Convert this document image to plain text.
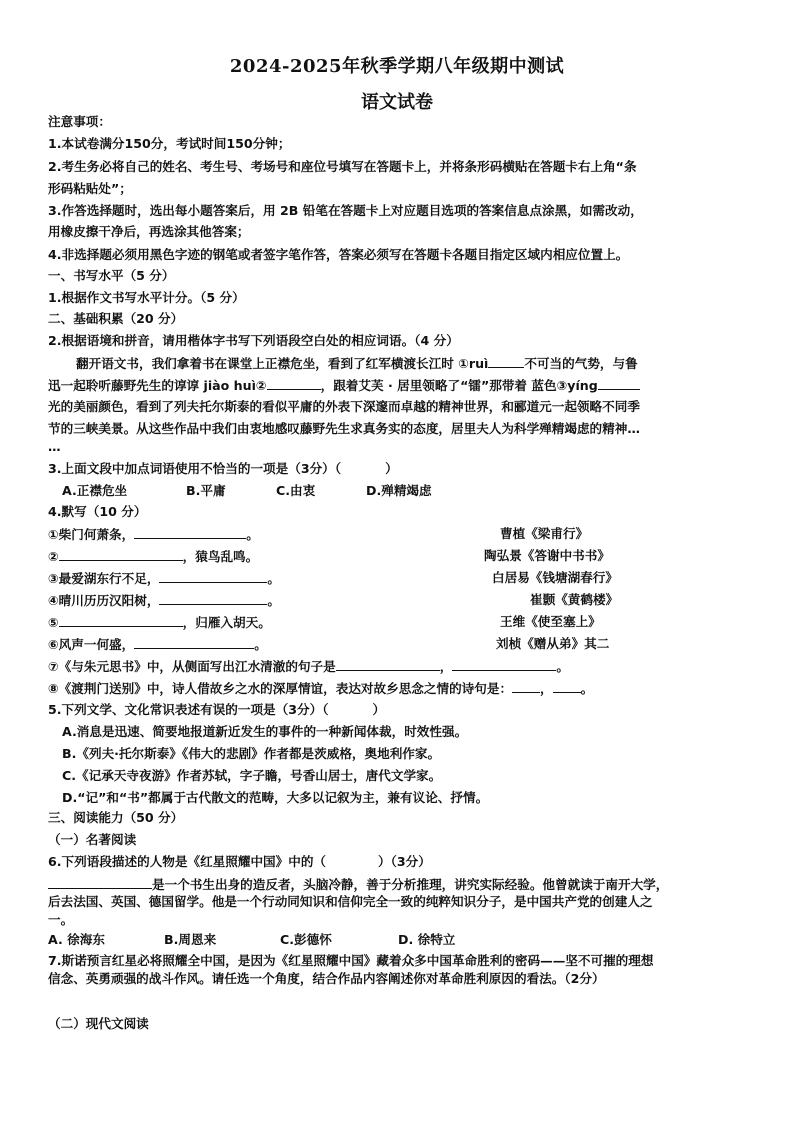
2024-2025年秋季学期八年级期中测试
语文试卷
注意事项：
1.本试卷满分150分，考试时间150分钟；
2.考生务必将自己的姓名、考生号、考场号和座位号填写在答题卡上，并将条形码横贴在答题卡右上角“条
形码粘贴处”；
3.作答选择题时，选出每小题答案后，用 2B 铅笔在答题卡上对应题目选项的答案信息点涂黑，如需改动，
用橡皮擦干净后，再选涂其他答案；
4.非选择题必须用黑色字迹的钢笔或者签字笔作答，答案必须写在答题卡各题目指定区域内相应位置上。
一、书写水平（5 分）
1.根据作文书写水平计分。（5 分）
二、基础积累（20 分）
2.根据语境和拼音，请用楷体字书写下列语段空白处的相应词语。（4 分）
翻开语文书，我们拿着书在课堂上正襟危坐，看到了红军横渡长江时 ①ruì	不可当的气势，与鲁
迅一起聆听藤野先生的谆谆 jiào huì②	，跟着艾芙 · 居里领略了“镭”那带着 蓝色③yíng
光的美丽颜色，看到了列夫托尔斯泰的看似平庸的外表下深邃而卓越的精神世界，和郦道元一起领略不同季
节的三峡美景。从这些作品中我们由衷地感叹藤野先生求真务实的态度，居里夫人为科学殚精竭虑的精神…
…
3.上面文段中加点词语使用不恰当的一项是（3分）（	）
A.正襟危坐	B.平庸	C.由衷	D.殚精竭虑
4.默写（10 分）
①柴门何萧条，	。	曹植《梁甫行》
②	，猿鸟乱鸣。	陶弘景《答谢中书书》
③最爱湖东行不足，	。	白居易《钱塘湖春行》
④晴川历历汉阳树，	。	崔颢《黄鹤楼》
⑤	，归雁入胡天。	王维《使至塞上》
⑥风声一何盛，	。	刘桢《赠从弟》其二
⑦《与朱元思书》中，从侧面写出江水清澈的句子是	，	。
⑧《渡荆门送别》中，诗人借故乡之水的深厚情谊，表达对故乡思念之情的诗句是： ， 。
5.下列文学、文化常识表述有误的一项是（3分）（	）
A.消息是迅速、简要地报道新近发生的事件的一种新闻体裁，时效性强。
B.《列夫·托尔斯泰》《伟大的悲剧》作者都是茨威格，奥地利作家。
C.《记承天寺夜游》作者苏轼，字子瞻，号香山居士，唐代文学家。
D.“记”和“书”都属于古代散文的范畴，大多以记叙为主，兼有议论、抒情。
三、阅读能力（50 分）
（一）名著阅读
6.下列语段描述的人物是《红星照耀中国》中的（	）（3分）
是一个书生出身的造反者，头脑冷静，善于分析推理，讲究实际经验。他曾就读于南开大学，
后去法国、英国、德国留学。他是一个行动同知识和信仰完全一致的纯粹知识分子，是中国共产党的创建人之
一。
A. 徐海东	B.周恩来	C.彭德怀	D. 徐特立
7.斯诺预言红星必将照耀全中国，是因为《红星照耀中国》藏着众多中国革命胜利的密码——坚不可摧的理想
信念、英勇顽强的战斗作风。请任选一个角度，结合作品内容阐述你对革命胜利原因的看法。（2分）
（二）现代文阅读
